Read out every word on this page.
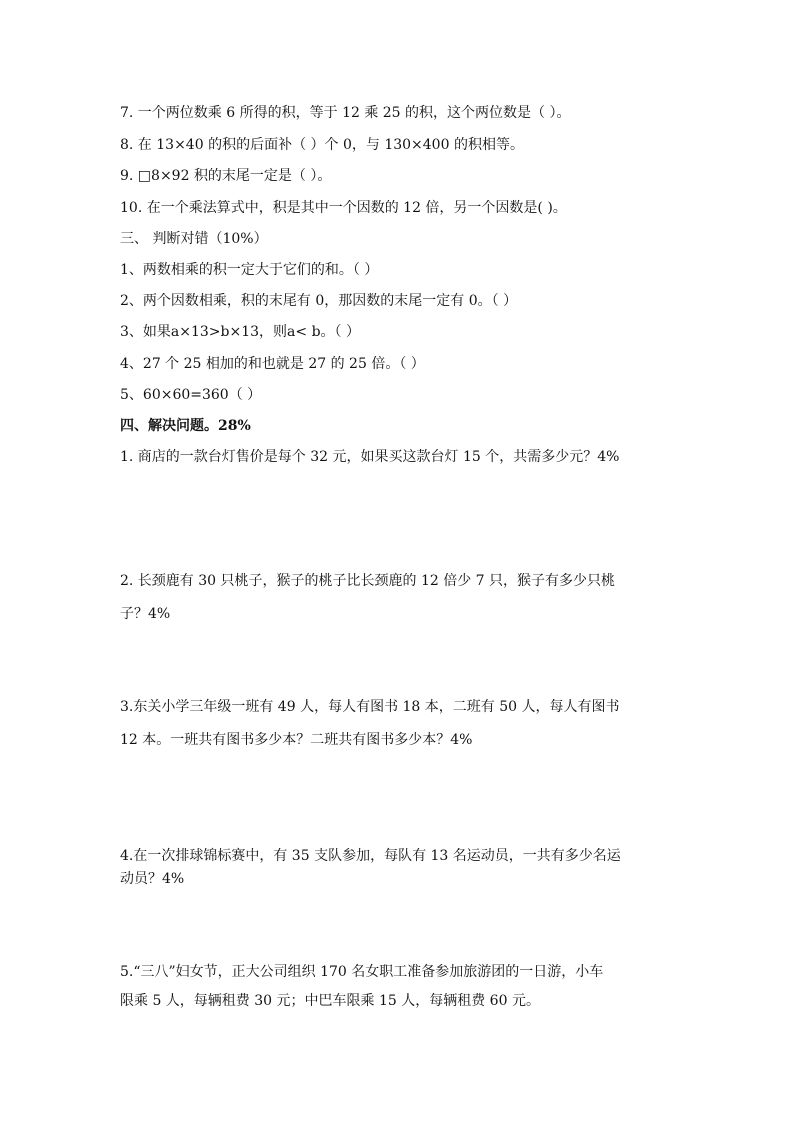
7. 一个两位数乘 6 所得的积，等于 12 乘 25 的积，这个两位数是（ ）。
8. 在 13×40 的积的后面补（ ）个 0，与 130×400 的积相等。
9. □8×92 积的末尾一定是（ ）。
10. 在一个乘法算式中，积是其中一个因数的 12 倍，另一个因数是( )。
三、 判断对错（10%）
1、两数相乘的积一定大于它们的和。（ ）
2、两个因数相乘，积的末尾有 0，那因数的末尾一定有 0。（ ）
3、如果a×13>b×13，则a< b。（ ）
4、27 个 25 相加的和也就是 27 的 25 倍。（ ）
5、60×60=360（ ）
四、解决问题。28%
1. 商店的一款台灯售价是每个 32 元，如果买这款台灯 15 个，共需多少元？4%
2. 长颈鹿有 30 只桃子，猴子的桃子比长颈鹿的 12 倍少 7 只，猴子有多少只桃
子？4%
3.东关小学三年级一班有 49 人，每人有图书 18 本，二班有 50 人，每人有图书
12 本。一班共有图书多少本？二班共有图书多少本？4%
4.在一次排球锦标赛中，有 35 支队参加，每队有 13 名运动员，一共有多少名运
动员？4%
5.“三八”妇女节，正大公司组织 170 名女职工准备参加旅游团的一日游，小车
限乘 5 人，每辆租费 30 元；中巴车限乘 15 人，每辆租费 60 元。
